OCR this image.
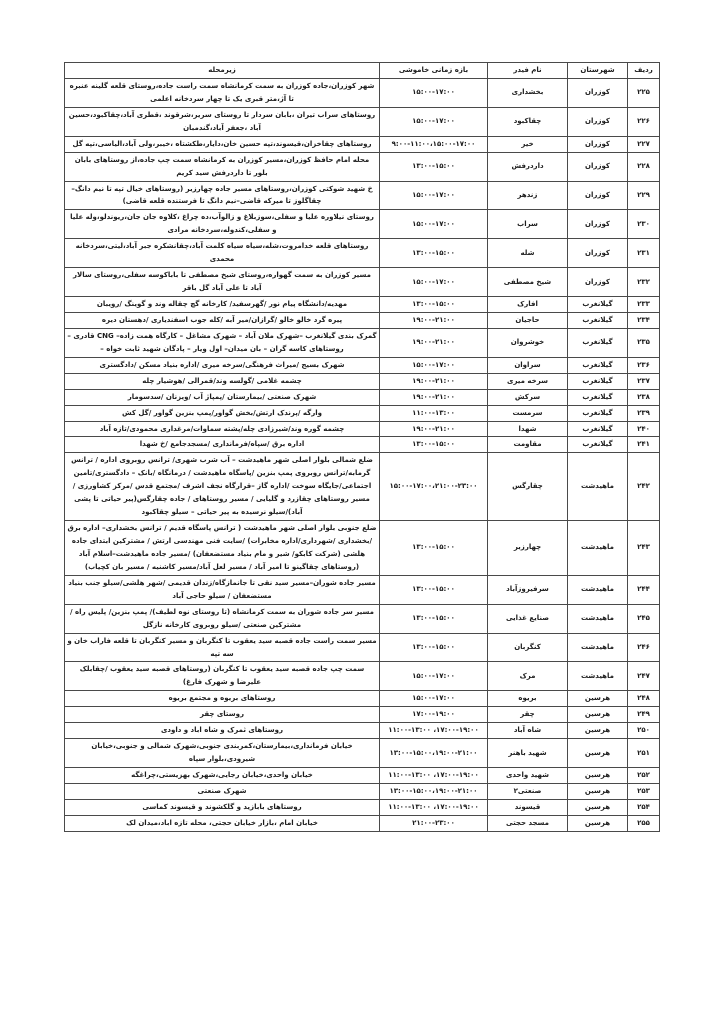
ردیف	شهرستان	نام فیدر	بازه زمانی خاموشی	زیرمحله
۲۲۵	کوزران	بخشداری	۱۵:۰۰-۱۷:۰۰	شهر کوزران،جاده کوزران به سمت کرمانشاه سمت راست جاده،روستای قلعه گلینه عنبره تا آژ،متر قبری یک تا چهار سردخانه اعلمی
۲۲۶	کوزران	چقاکبود	۱۵:۰۰-۱۷:۰۰	روستاهای سراب تیران ،بابان سردار تا روستای سریر،شرقوند ،قطری آباد،چقاکبود،حسین آباد ،جعفر آباد،گندمبان
۲۲۷	کوزران	خیر	۹:۰۰-۱۱:۰۰،۱۵:۰۰-۱۷:۰۰	روستاهای چقاخزان،قیسوند،تپه حسین خان،دایار،طکشتاه ،خیبر،ولی آباد،الیاسی،تپه گل
۲۲۸	کوزران	داردرفش	۱۳:۰۰-۱۵:۰۰	محله امام حافظ کوزران،مسیر کوزران به کرمانشاه سمت چپ جاده،از روستاهای بابان بلور تا داردرفش سید کریم
۲۲۹	کوزران	زندهر	۱۵:۰۰-۱۷:۰۰	خ شهید شوکتی کوزران،روستاهای مسیر جاده چهارزبر (روستاهای خیال تپه تا نیم دانگ–چقاگلوز تا میرکه قاضی–نیم دانگ تا فرستنده قلعه قاضی)
۲۳۰	کوزران	سراب	۱۵:۰۰-۱۷:۰۰	روستای نیلاوره علیا و سفلی،سوزبلاغ و زالوآب،ده چراغ ،کلاوه جان جان،ریوندلو،وله علیا و سفلی،کندوله،سردخانه مرادی
۲۳۱	کوزران	شله	۱۳:۰۰-۱۵:۰۰	روستاهای قلعه خدامروت،شله،سیاه سیاه کلمت آباد،چقانشکره جبر آباد،لیتی،سردخانه محمدی
۲۳۲	کوزران	شیخ مصطفی	۱۵:۰۰-۱۷:۰۰	مسیر کوزران به سمت گهواره،روستای شیخ مصطفی تا باباکوسه سفلی،روستای سالار آباد تا علی آباد گل باقر
۲۳۳	گیلانغرب	افارک	۱۳:۰۰-۱۵:۰۰	مهدیه/دانشگاه پیام نور /گهرسفید/ کارخانه گچ چقاله وند و گوینگ /رویبان
۲۳۴	گیلانغرب	حاجیان	۱۹:۰۰-۲۱:۰۰	پیره گرد خالو خالو /گرازان/میر آبه /کله جوب اسفندیاری /دهستان دیره
۲۳۵	گیلانغرب	خوشروان	۱۹:۰۰-۲۱:۰۰	گمرک بندی گیلانغرب –شهرک ملان آباد – شهرک مشاغل – کارگاه همت زاده– CNG قادری – روستاهای کاسه گران – بان میدان– اول ویار – پادگان شهید ثابت خواه –
۲۳۶	گیلانغرب	سراوان	۱۵:۰۰-۱۷:۰۰	شهرک بسیج /میراث فرهنگی/سرخه میری /اداره بنیاد مسکن /دادگستری
۲۳۷	گیلانغرب	سرخه میری	۱۹:۰۰-۲۱:۰۰	چشمه غلامی /گولسه وند/قمرالی /هوشیار چله
۲۳۸	گیلانغرب	سرکش	۱۹:۰۰-۲۱:۰۰	شهرک صنعتی /بیمارستان /پمپاژ آب /ویزنان /سدسومار
۲۳۹	گیلانغرب	سرمست	۱۱:۰۰-۱۳:۰۰	وارگه /پرندک ارتش/بخش گواور/پمپ بنزین گواور /گل کش
۲۴۰	گیلانغرب	شهدا	۱۹:۰۰-۲۱:۰۰	چشمه گوره وند/شیرزادی چله/پشته سماوات/مرغداری محمودی/تازه آباد
۲۴۱	گیلانغرب	مقاومت	۱۳:۰۰-۱۵:۰۰	اداره برق /سپاه/فرمانداری /مسجدجامع /خ شهدا
۲۴۲	ماهیدشت	چقارگس	۱۵:۰۰-۱۷:۰۰،۲۱:۰۰-۲۳:۰۰	ضلع شمالی بلوار اصلی شهر ماهیدشت – آب شرب شهری/ ترانس روبروی اداره / ترانس گرمابه/ترانس روبروی پمپ بنزین /پاسگاه ماهیدشت / درمانگاه /بانک – دادگستری/تامین اجتماعی/جایگاه سوخت /اداره گاز –قرارگاه نجف اشرف /مجتمع قدس /مرکز کشاورزی /مسیر روستاهای چقازرد و گلیایی / مسیر روستاهای / جاده چقارگس(پیر حیاتی تا پشی آباد)/سیلو نرسیده به پیر حیاتی – سیلو چقاکبود
۲۴۳	ماهیدشت	چهارزبر	۱۳:۰۰-۱۵:۰۰	ضلع جنوبی بلوار اصلی شهر ماهیدشت ( ترانس پاسگاه قدیم / ترانس بخشداری– اداره برق /بخشداری /شهرداری/اداره مخابرات) /سایت فنی مهندسی ارتش / مشترکین ابتدای جاده هلشی (شرکت کابکو/ شیر و مام بنیاد مستضعفان) /مسیر جاده ماهیدشت–اسلام آباد (روستاهای چقاگینو تا امیر آباد / مسیر لعل آباد/مسیر کاشنیه / مسیر بان کچیاب)
۲۴۴	ماهیدشت	سرفیروزآباد	۱۳:۰۰-۱۵:۰۰	مسیر جاده شوران–مسیر سید نقی تا جانمازگاه/زندان قدیمی /شهر هلشی/سیلو جنب بنیاد مستضعفان / سیلو حاجی آباد
۲۴۵	ماهیدشت	صنایع غذایی	۱۳:۰۰-۱۵:۰۰	مسیر سر جاده شوران به سمت کرمانشاه (تا روستای نوه لطیف)/ پمپ بنزین/ پلیس راه /مشترکین صنعتی /سیلو روبروی کارخانه نازگل
۲۴۶	ماهیدشت	کنگربان	۱۳:۰۰-۱۵:۰۰	مسیر سمت راست جاده قصبه سید یعقوب تا کنگربان و مسیر کنگربان تا قلعه فاراب خان و سه تپه
۲۴۷	ماهیدشت	مرک	۱۵:۰۰-۱۷:۰۰	سمت چپ جاده قصبه سید یعقوب تا کنگربان (روستاهای قصبه سید یعقوب /چقابلک علیرضا و شهرک فارغ)
۲۴۸	هرسین	بریوه	۱۵:۰۰-۱۷:۰۰	روستاهای بریوه و مجتمع بریوه
۲۴۹	هرسین	چقر	۱۷:۰۰-۱۹:۰۰	روستای چقر
۲۵۰	هرسین	شاه آباد	۱۱:۰۰-۱۳:۰۰ ،۱۷:۰۰-۱۹:۰۰	روستاهای ثمرک و شاه اباد و داودی
۲۵۱	هرسین	شهید باهنر	۱۳:۰۰-۱۵:۰۰،۱۹:۰۰-۲۱:۰۰	خیابان فرمانداری،بیمارستان،کمربندی جنوبی،شهرک شمالی و جنوبی،خیابان شیرودی،بلوار سپاه
۲۵۲	هرسین	شهید واحدی	۱۱:۰۰-۱۳:۰۰ ،۱۷:۰۰-۱۹:۰۰	خیابان واحدی،خیابان رجایی،شهرک بهزیستی،چراغگه
۲۵۳	هرسین	صنعتی۲	۱۳:۰۰-۱۵:۰۰،۱۹:۰۰-۲۱:۰۰	شهرک صنعتی
۲۵۴	هرسین	قیسوند	۱۱:۰۰-۱۳:۰۰ ،۱۷:۰۰-۱۹:۰۰	روستاهای بابازید و گلکشوند و قیسوند کماسی
۲۵۵	هرسین	مسجد حجتی	۲۱:۰۰-۲۳:۰۰	خیابان امام ،بازار خیابان حجتی، محله تازه اباد،میدان لک
